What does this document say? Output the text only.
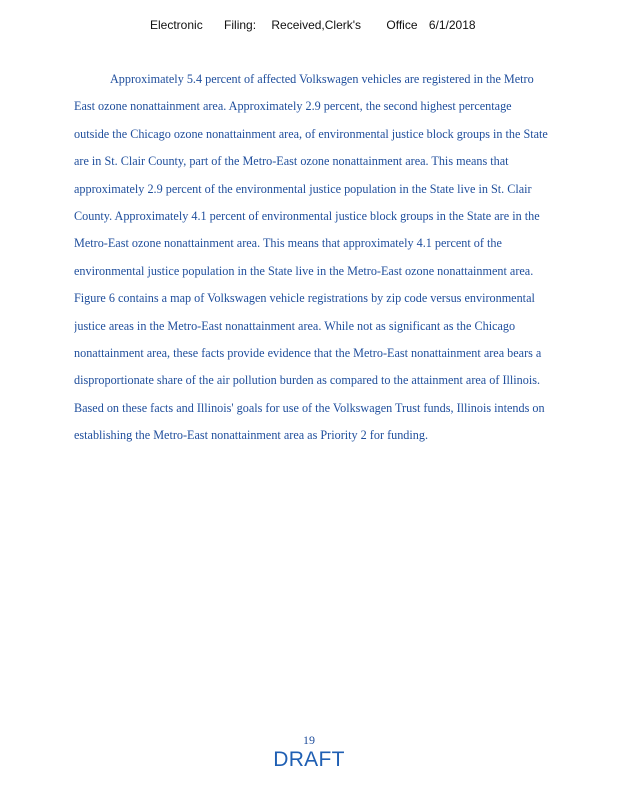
Electronic Filing: Received,Clerk's Office 6/1/2018
Approximately 5.4 percent of affected Volkswagen vehicles are registered in the Metro
East ozone nonattainment area. Approximately 2.9 percent, the second highest percentage
outside the Chicago ozone nonattainment area, of environmental justice block groups in the State
are in St. Clair County, part of the Metro-East ozone nonattainment area. This means that
approximately 2.9 percent of the environmental justice population in the State live in St. Clair
County. Approximately 4.1 percent of environmental justice block groups in the State are in the
Metro-East ozone nonattainment area. This means that approximately 4.1 percent of the
environmental justice population in the State live in the Metro-East ozone nonattainment area.
Figure 6 contains a map of Volkswagen vehicle registrations by zip code versus environmental
justice areas in the Metro-East nonattainment area. While not as significant as the Chicago
nonattainment area, these facts provide evidence that the Metro-East nonattainment area bears a
disproportionate share of the air pollution burden as compared to the attainment area of Illinois.
Based on these facts and Illinois' goals for use of the Volkswagen Trust funds, Illinois intends on
establishing the Metro-East nonattainment area as Priority 2 for funding.
19
DRAFT
